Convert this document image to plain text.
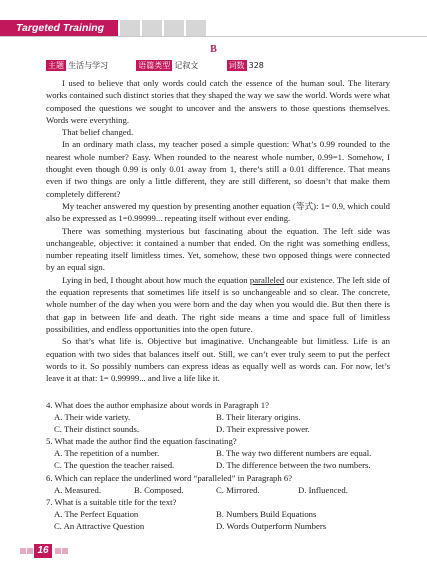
Targeted Training
B
主题 生活与学习	语篇类型 记叙文	词数 328

I used to believe that only words could catch the essence of the human soul. The literary works contained such distinct stories that they shaped the way we saw the world. Words were what composed the questions we sought to uncover and the answers to those questions themselves. Words were everything.

That belief changed.

In an ordinary math class, my teacher posed a simple question: What’s 0.99 rounded to the nearest whole number? Easy. When rounded to the nearest whole number, 0.99=1. Somehow, I thought even though 0.99 is only 0.01 away from 1, there’s still a 0.01 difference. That means even if two things are only a little different, they are still different, so doesn’t that make them completely different?

My teacher answered my question by presenting another equation (等式): 1= 0.9, which could also be expressed as 1=0.99999... repeating itself without ever ending.

There was something mysterious but fascinating about the equation. The left side was unchangeable, objective: it contained a number that ended. On the right was something endless, number repeating itself limitless times. Yet, somehow, these two opposed things were connected by an equal sign.

Lying in bed, I thought about how much the equation paralleled our existence. The left side of the equation represents that sometimes life itself is so unchangeable and so clear. The concrete, whole number of the day when you were born and the day when you would die. But then there is that gap in between life and death. The right side means a time and space full of limitless possibilities, and endless opportunities into the open future.

So that’s what life is. Objective but imaginative. Unchangeable but limitless. Life is an equation with two sides that balances itself out. Still, we can’t ever truly seem to put the perfect words to it. So possibly numbers can express ideas as equally well as words can. For now, let’s leave it at that: 1= 0.99999... and live a life like it.

4. What does the author emphasize about words in Paragraph 1?
A. Their wide variety.	B. Their literary origins.
C. Their distinct sounds.	D. Their expressive power.
5. What made the author find the equation fascinating?
A. The repetition of a number.	B. The way two different numbers are equal.
C. The question the teacher raised.	D. The difference between the two numbers.
6. Which can replace the underlined word “paralleled” in Paragraph 6?
A. Measured.	B. Composed.	C. Mirrored.	D. Influenced.
7. What is a suitable title for the text?
A. The Perfect Equation	B. Numbers Build Equations
C. An Attractive Question	D. Words Outperform Numbers
16
